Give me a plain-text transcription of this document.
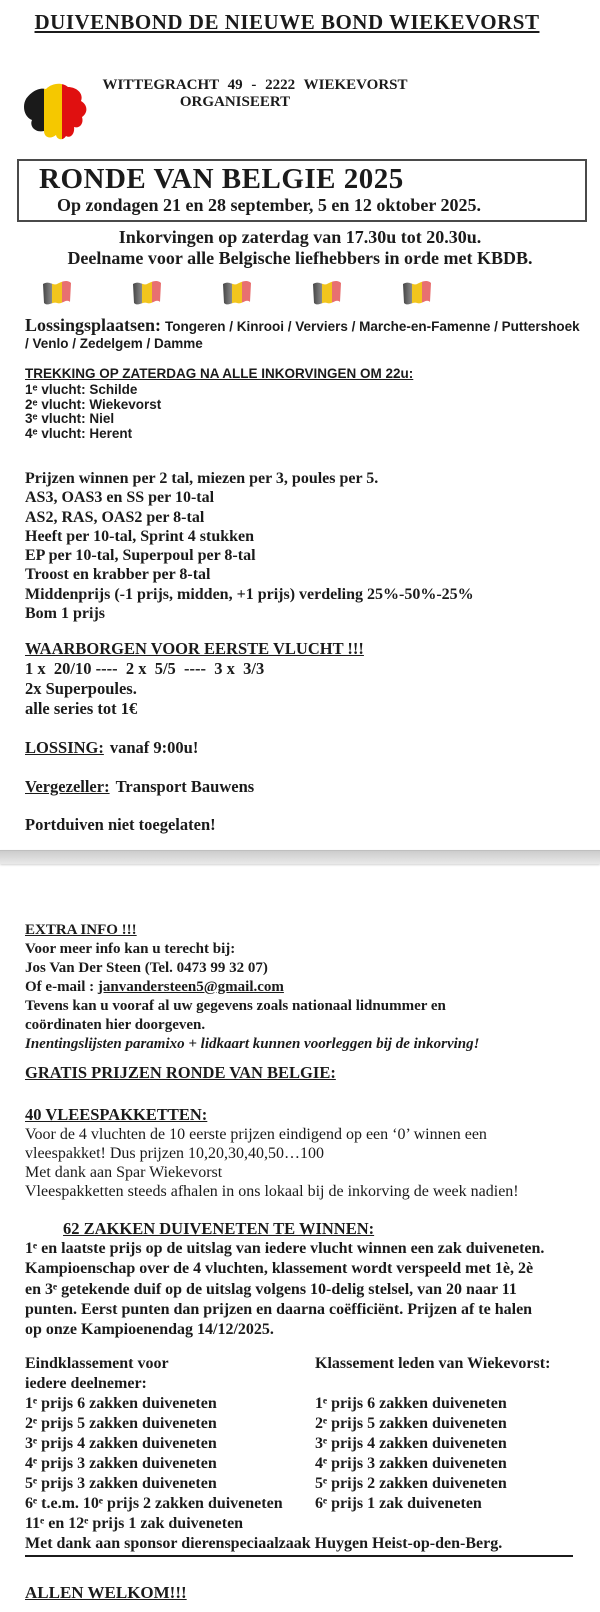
DUIVENBOND DE NIEUWE BOND WIEKEVORST
WITTEGRACHT 49 - 2222 WIEKEVORST
ORGANISEERT
RONDE VAN BELGIE 2025
Op zondagen 21 en 28 september, 5 en 12 oktober 2025.
Inkorvingen op zaterdag van 17.30u tot 20.30u.
Deelname voor alle Belgische liefhebbers in orde met KBDB.
Lossingsplaatsen: Tongeren / Kinrooi / Verviers / Marche-en-Famenne / Puttershoek / Venlo / Zedelgem / Damme
TREKKING OP ZATERDAG NA ALLE INKORVINGEN OM 22u:
1ᵉ vlucht: Schilde
2ᵉ vlucht: Wiekevorst
3ᵉ vlucht: Niel
4ᵉ vlucht: Herent
Prijzen winnen per 2 tal, miezen per 3, poules per 5.
AS3, OAS3 en SS per 10-tal
AS2, RAS, OAS2 per 8-tal
Heeft per 10-tal, Sprint 4 stukken
EP per 10-tal, Superpoul per 8-tal
Troost en krabber per 8-tal
Middenprijs (-1 prijs, midden, +1 prijs) verdeling 25%-50%-25%
Bom 1 prijs
WAARBORGEN VOOR EERSTE VLUCHT !!!
1 x  20/10 ----  2 x  5/5  ----  3 x  3/3
2x Superpoules.
alle series tot 1€
LOSSING: vanaf 9:00u!
Vergezeller: Transport Bauwens
Portduiven niet toegelaten!
EXTRA INFO !!!
Voor meer info kan u terecht bij:
Jos Van Der Steen (Tel. 0473 99 32 07)
Of e-mail : janvandersteen5@gmail.com
Tevens kan u vooraf al uw gegevens zoals nationaal lidnummer en
coördinaten hier doorgeven.
Inentingslijsten paramixo + lidkaart kunnen voorleggen bij de inkorving!
GRATIS PRIJZEN RONDE VAN BELGIE:
40 VLEESPAKKETTEN:
Voor de 4 vluchten de 10 eerste prijzen eindigend op een ‘0’ winnen een
vleespakket! Dus prijzen 10,20,30,40,50…100
Met dank aan Spar Wiekevorst
Vleespakketten steeds afhalen in ons lokaal bij de inkorving de week nadien!
62 ZAKKEN DUIVENETEN TE WINNEN:
1ᵉ en laatste prijs op de uitslag van iedere vlucht winnen een zak duiveneten.
Kampioenschap over de 4 vluchten, klassement wordt verspeeld met 1è, 2è
en 3ᵉ getekende duif op de uitslag volgens 10-delig stelsel, van 20 naar 11
punten. Eerst punten dan prijzen en daarna coëfficiënt. Prijzen af te halen
op onze Kampioenendag 14/12/2025.
Eindklassement voor
iedere deelnemer:
1ᵉ prijs 6 zakken duiveneten
2ᵉ prijs 5 zakken duiveneten
3ᵉ prijs 4 zakken duiveneten
4ᵉ prijs 3 zakken duiveneten
5ᵉ prijs 3 zakken duiveneten
6ᵉ t.e.m. 10ᵉ prijs 2 zakken duiveneten
11ᵉ en 12ᵉ prijs 1 zak duiveneten
Klassement leden van Wiekevorst:
1ᵉ prijs 6 zakken duiveneten
2ᵉ prijs 5 zakken duiveneten
3ᵉ prijs 4 zakken duiveneten
4ᵉ prijs 3 zakken duiveneten
5ᵉ prijs 2 zakken duiveneten
6ᵉ prijs 1 zak duiveneten
Met dank aan sponsor dierenspeciaalzaak Huygen Heist-op-den-Berg.
ALLEN WELKOM!!!
